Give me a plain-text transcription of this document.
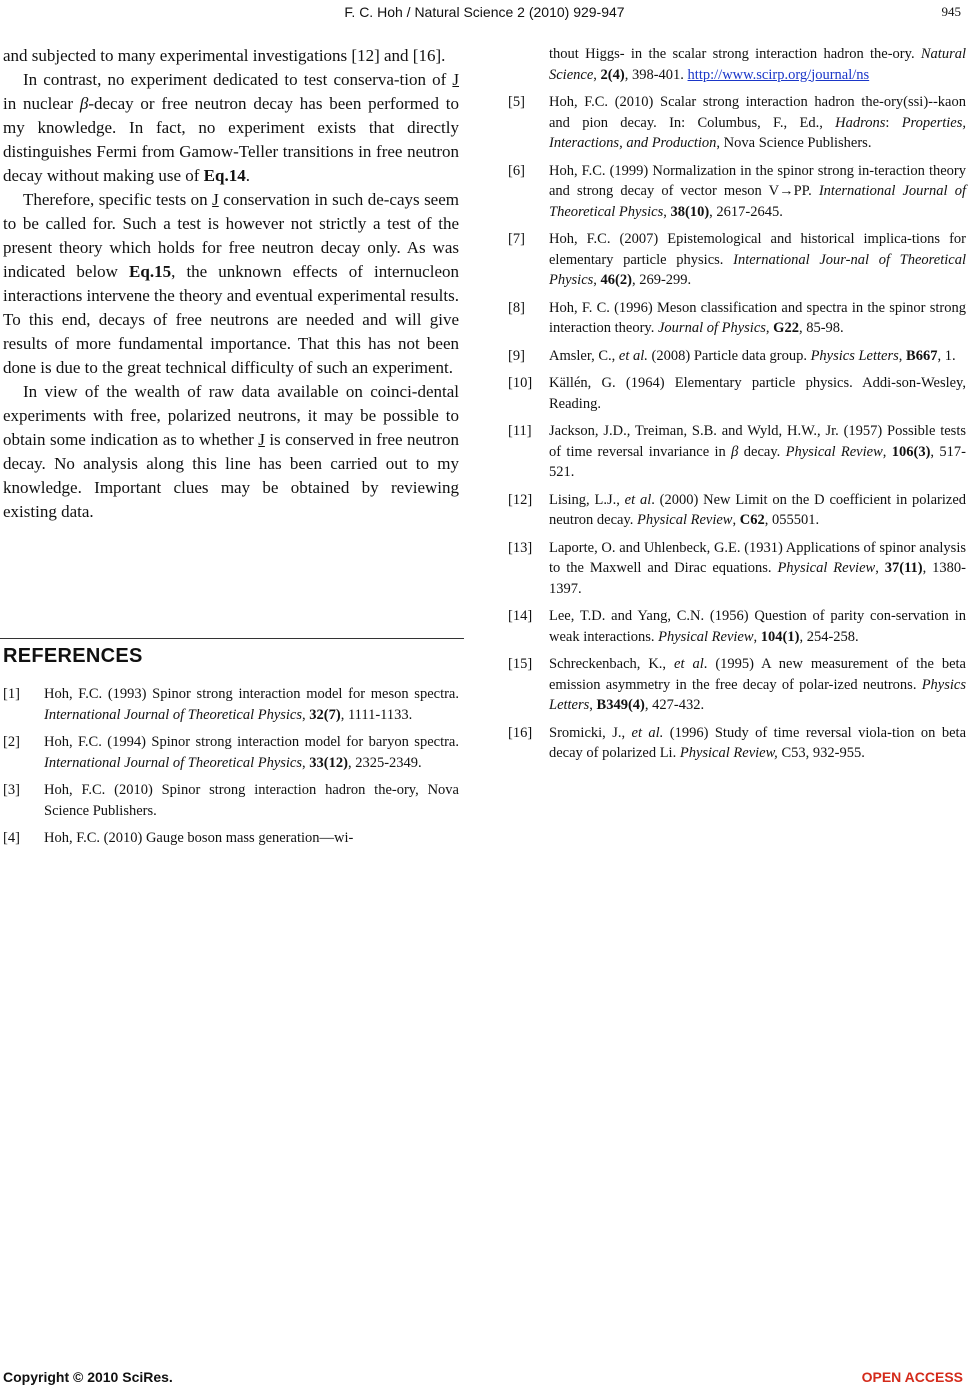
F. C. Hoh / Natural Science 2 (2010) 929-947	945

and subjected to many experimental investigations [12] and [16].

In contrast, no experiment dedicated to test conserva-tion of J in nuclear β-decay or free neutron decay has been performed to my knowledge. In fact, no experiment exists that directly distinguishes Fermi from Gamow-Teller transitions in free neutron decay without making use of Eq.14.

Therefore, specific tests on J conservation in such de-cays seem to be called for. Such a test is however not strictly a test of the present theory which holds for free neutron decay only. As was indicated below Eq.15, the unknown effects of internucleon interactions intervene the theory and eventual experimental results. To this end, decays of free neutrons are needed and will give results of more fundamental importance. That this has not been done is due to the great technical difficulty of such an experiment.

In view of the wealth of raw data available on coinci-dental experiments with free, polarized neutrons, it may be possible to obtain some indication as to whether J is conserved in free neutron decay. No analysis along this line has been carried out to my knowledge. Important clues may be obtained by reviewing existing data.

REFERENCES
[1]	Hoh, F.C. (1993) Spinor strong interaction model for meson spectra. International Journal of Theoretical Physics, 32(7), 1111-1133.
[2]	Hoh, F.C. (1994) Spinor strong interaction model for baryon spectra. International Journal of Theoretical Physics, 33(12), 2325-2349.
[3]	Hoh, F.C. (2010) Spinor strong interaction hadron the-ory, Nova Science Publishers.
[4]	Hoh, F.C. (2010) Gauge boson mass generation—wi-
thout Higgs- in the scalar strong interaction hadron the-ory. Natural Science, 2(4), 398-401. http://www.scirp.org/journal/ns
[5]	Hoh, F.C. (2010) Scalar strong interaction hadron the-ory(ssi)--kaon and pion decay. In: Columbus, F., Ed., Hadrons: Properties, Interactions, and Production, Nova Science Publishers.
[6]	Hoh, F.C. (1999) Normalization in the spinor strong in-teraction theory and strong decay of vector meson V→PP. International Journal of Theoretical Physics, 38(10), 2617-2645.
[7]	Hoh, F.C. (2007) Epistemological and historical implica-tions for elementary particle physics. International Jour-nal of Theoretical Physics, 46(2), 269-299.
[8]	Hoh, F. C. (1996) Meson classification and spectra in the spinor strong interaction theory. Journal of Physics, G22, 85-98.
[9]	Amsler, C., et al. (2008) Particle data group. Physics Letters, B667, 1.
[10]	Källén, G. (1964) Elementary particle physics. Addi-son-Wesley, Reading.
[11]	Jackson, J.D., Treiman, S.B. and Wyld, H.W., Jr. (1957) Possible tests of time reversal invariance in β decay. Physical Review, 106(3), 517-521.
[12]	Lising, L.J., et al. (2000) New Limit on the D coefficient in polarized neutron decay. Physical Review, C62, 055501.
[13]	Laporte, O. and Uhlenbeck, G.E. (1931) Applications of spinor analysis to the Maxwell and Dirac equations. Physical Review, 37(11), 1380-1397.
[14]	Lee, T.D. and Yang, C.N. (1956) Question of parity con-servation in weak interactions. Physical Review, 104(1), 254-258.
[15]	Schreckenbach, K., et al. (1995) A new measurement of the beta emission asymmetry in the free decay of polar-ized neutrons. Physics Letters, B349(4), 427-432.
[16]	Sromicki, J., et al. (1996) Study of time reversal viola-tion on beta decay of polarized Li. Physical Review, C53, 932-955.
Copyright © 2010 SciRes.	OPEN ACCESS
